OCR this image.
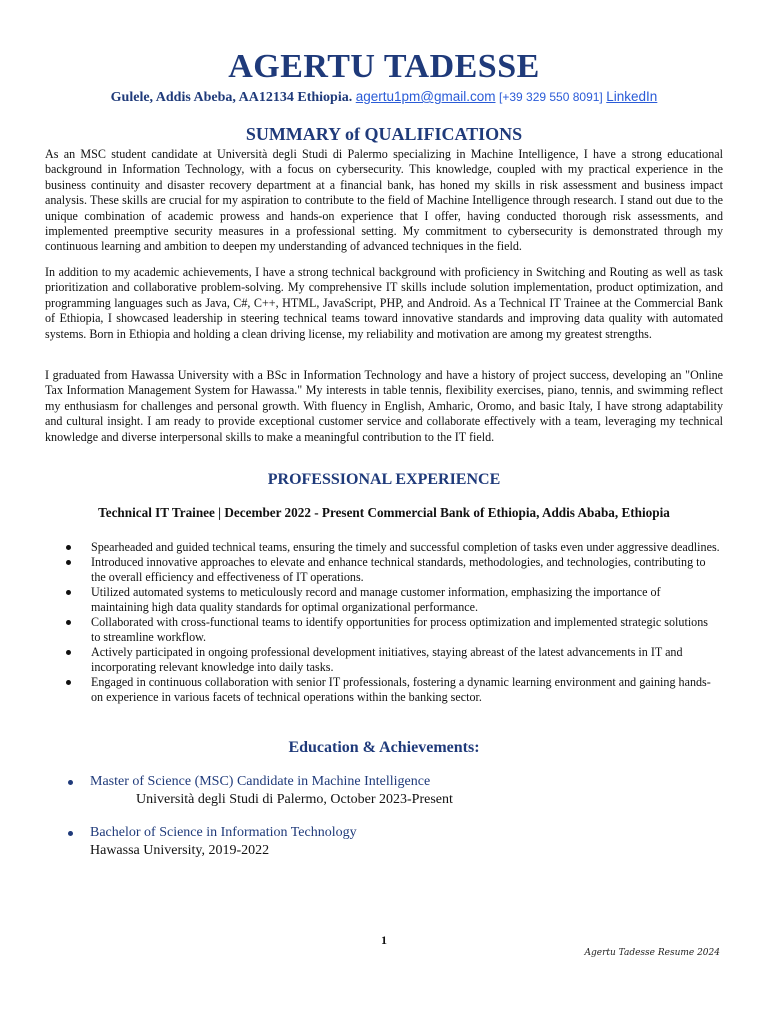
AGERTU TADESSE
Gulele, Addis Abeba, AA12134 Ethiopia. agertu1pm@gmail.com [+39 329 550 8091] LinkedIn
SUMMARY of QUALIFICATIONS

As an MSC student candidate at Università degli Studi di Palermo specializing in Machine Intelligence, I have a strong educational background in Information Technology, with a focus on cybersecurity. This knowledge, coupled with my practical experience in the business continuity and disaster recovery department at a financial bank, has honed my skills in risk assessment and business impact analysis. These skills are crucial for my aspiration to contribute to the field of Machine Intelligence through research. I stand out due to the unique combination of academic prowess and hands-on experience that I offer, having conducted thorough risk assessments, and implemented preemptive security measures in a professional setting. My commitment to cybersecurity is demonstrated through my continuous learning and ambition to deepen my understanding of advanced techniques in the field.

In addition to my academic achievements, I have a strong technical background with proficiency in Switching and Routing as well as task prioritization and collaborative problem-solving. My comprehensive IT skills include solution implementation, product optimization, and programming languages such as Java, C#, C++, HTML, JavaScript, PHP, and Android. As a Technical IT Trainee at the Commercial Bank of Ethiopia, I showcased leadership in steering technical teams toward innovative standards and improving data quality with automated systems. Born in Ethiopia and holding a clean driving license, my reliability and motivation are among my greatest strengths.

I graduated from Hawassa University with a BSc in Information Technology and have a history of project success, developing an "Online Tax Information Management System for Hawassa." My interests in table tennis, flexibility exercises, piano, tennis, and swimming reflect my enthusiasm for challenges and personal growth. With fluency in English, Amharic, Oromo, and basic Italy, I have strong adaptability and cultural insight. I am ready to provide exceptional customer service and collaborate effectively with a team, leveraging my technical knowledge and diverse interpersonal skills to make a meaningful contribution to the IT field.

PROFESSIONAL EXPERIENCE

Technical IT Trainee | December 2022 - Present Commercial Bank of Ethiopia, Addis Ababa, Ethiopia

Spearheaded and guided technical teams, ensuring the timely and successful completion of tasks even under aggressive deadlines.
Introduced innovative approaches to elevate and enhance technical standards, methodologies, and technologies, contributing to the overall efficiency and effectiveness of IT operations.
Utilized automated systems to meticulously record and manage customer information, emphasizing the importance of maintaining high data quality standards for optimal organizational performance.
Collaborated with cross-functional teams to identify opportunities for process optimization and implemented strategic solutions to streamline workflow.
Actively participated in ongoing professional development initiatives, staying abreast of the latest advancements in IT and incorporating relevant knowledge into daily tasks.
Engaged in continuous collaboration with senior IT professionals, fostering a dynamic learning environment and gaining hands-on experience in various facets of technical operations within the banking sector.
Education & Achievements:
Master of Science (MSC) Candidate in Machine Intelligence
Università degli Studi di Palermo, October 2023-Present
Bachelor of Science in Information Technology
Hawassa University, 2019-2022
1
Agertu Tadesse Resume 2024
